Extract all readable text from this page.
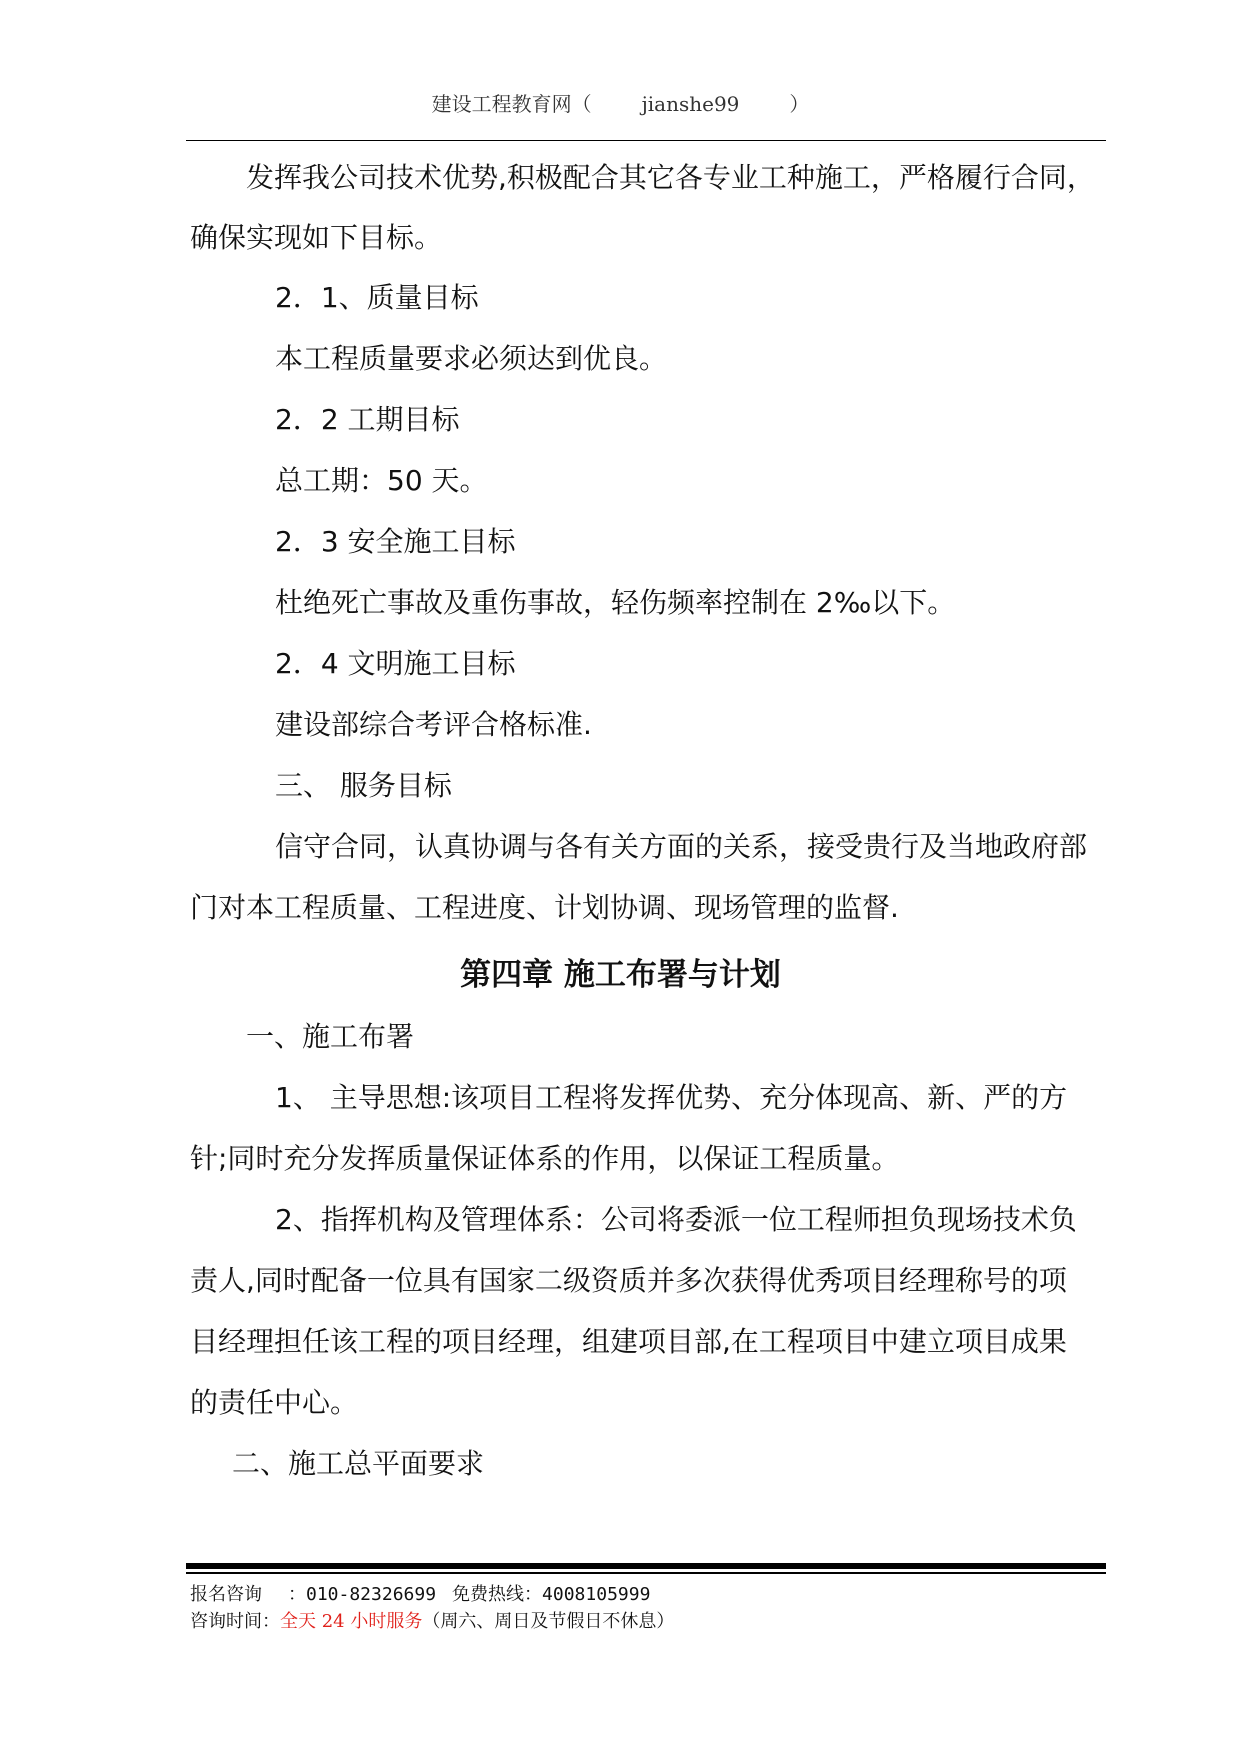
建设工程教育网（	jianshe99	）
发挥我公司技术优势,积极配合其它各专业工种施工，严格履行合同，
确保实现如下目标。
2．1、质量目标
本工程质量要求必须达到优良。
2．2 工期目标
总工期：50 天。
2．3 安全施工目标
杜绝死亡事故及重伤事故，轻伤频率控制在 2‰以下。
2．4 文明施工目标
建设部综合考评合格标准.
三、 服务目标
信守合同，认真协调与各有关方面的关系，接受贵行及当地政府部
门对本工程质量、工程进度、计划协调、现场管理的监督.
第四章 施工布署与计划
一、施工布署
1、 主导思想:该项目工程将发挥优势、充分体现高、新、严的方
针;同时充分发挥质量保证体系的作用，以保证工程质量。
2、指挥机构及管理体系：公司将委派一位工程师担负现场技术负
责人,同时配备一位具有国家二级资质并多次获得优秀项目经理称号的项
目经理担任该工程的项目经理，组建项目部,在工程项目中建立项目成果
的责任中心。
二、施工总平面要求
报名咨询 ：010-82326699 免费热线：4008105999
咨询时间：全天 24 小时服务（周六、周日及节假日不休息）
